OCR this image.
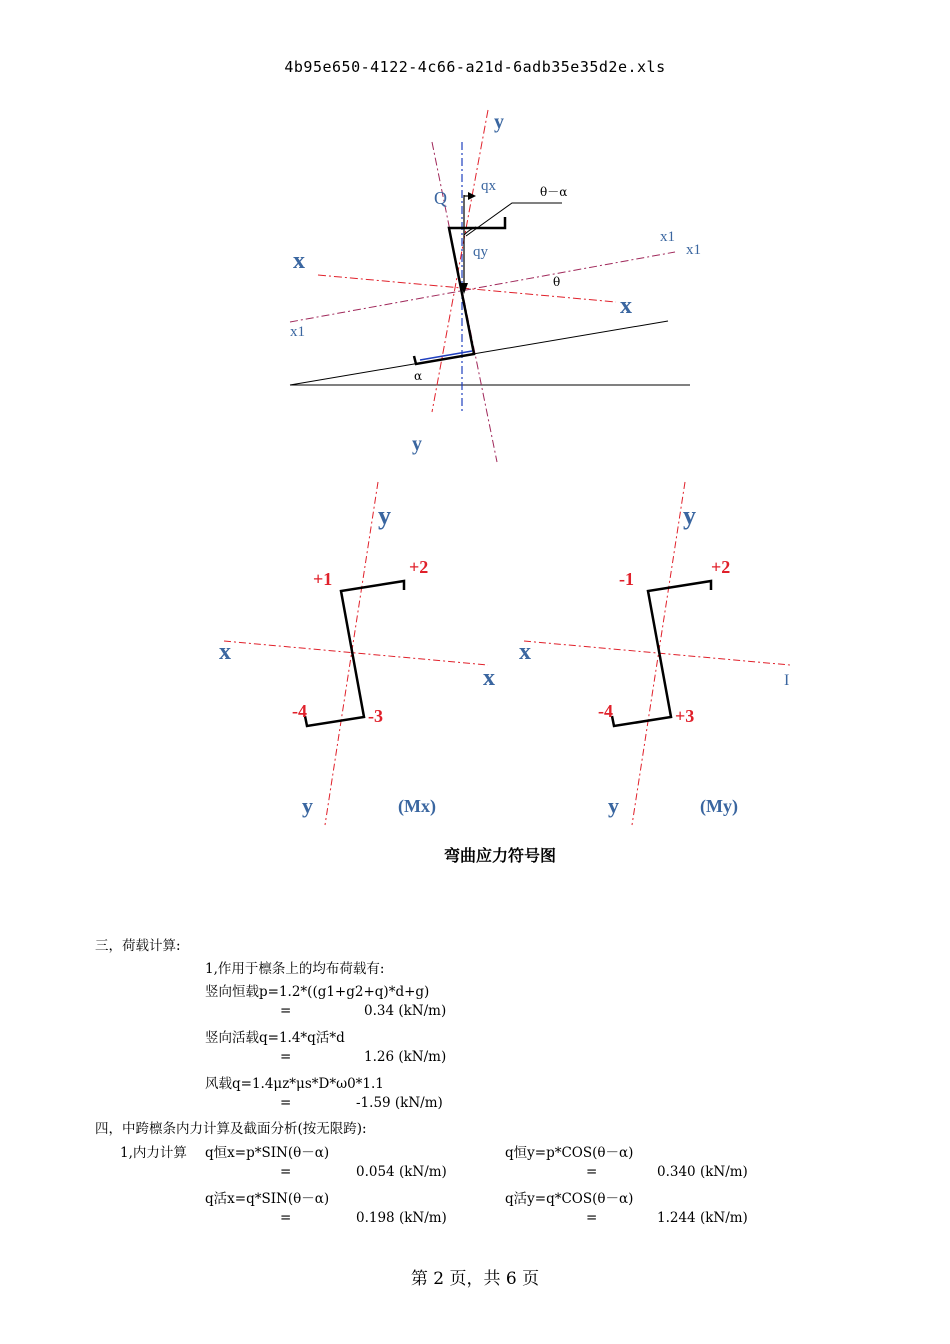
4b95e650-4122-4c66-a21d-6adb35e35d2e.xls
y
y
x
x
x1
x1
x1
Q
qx
qy
θ－α
θ
α
+1
+2
-3
-4
y
y
x
x
(Mx)
-1
+2
+3
-4
y
y
x
I
(My)
弯曲应力符号图
三，荷载计算:
1,作用于檩条上的均布荷载有:
竖向恒载p=1.2*((g1+g2+q)*d+g)
=	0.34 (kN/m)
竖向活载q=1.4*q活*d
=	1.26 (kN/m)
风载q=1.4μz*μs*D*ω0*1.1
=	-1.59 (kN/m)
四，中跨檩条内力计算及截面分析(按无限跨):
1,内力计算 q恒x=p*SIN(θ－α)	q恒y=p*COS(θ－α)
=	0.054 (kN/m)	=	0.340 (kN/m)
q活x=q*SIN(θ－α)	q活y=q*COS(θ－α)
=	0.198 (kN/m)	=	1.244 (kN/m)
第 2 页，共 6 页
